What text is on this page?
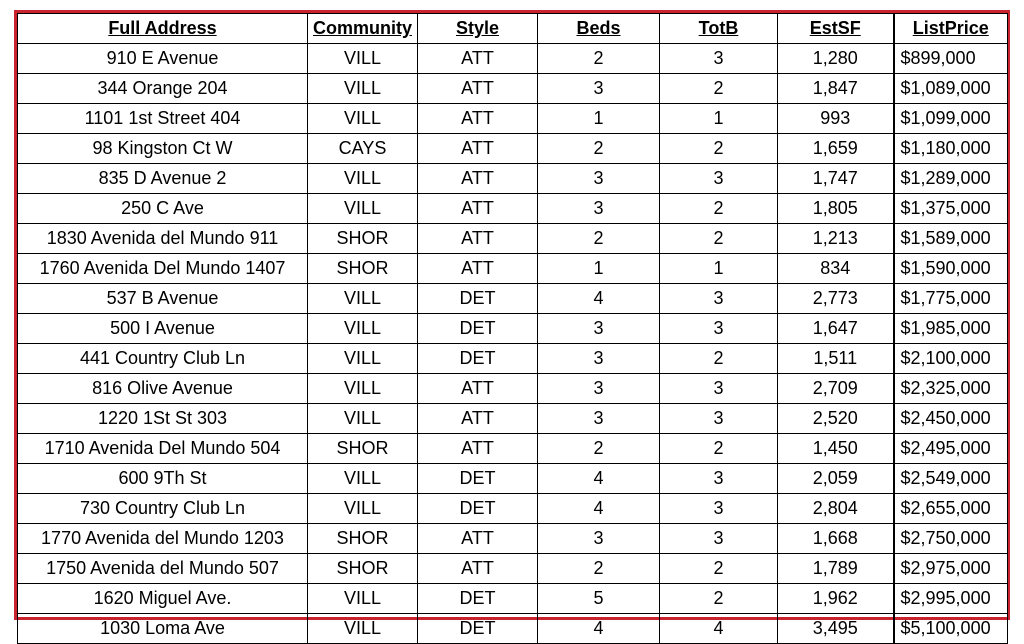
Full Address	Community	Style	Beds	TotB	EstSF	ListPrice
910 E Avenue	VILL	ATT	2	3	1,280	$899,000
344 Orange 204	VILL	ATT	3	2	1,847	$1,089,000
1101 1st Street 404	VILL	ATT	1	1	993	$1,099,000
98 Kingston Ct W	CAYS	ATT	2	2	1,659	$1,180,000
835 D Avenue 2	VILL	ATT	3	3	1,747	$1,289,000
250 C Ave	VILL	ATT	3	2	1,805	$1,375,000
1830 Avenida del Mundo 911	SHOR	ATT	2	2	1,213	$1,589,000
1760 Avenida Del Mundo 1407	SHOR	ATT	1	1	834	$1,590,000
537 B Avenue	VILL	DET	4	3	2,773	$1,775,000
500 I Avenue	VILL	DET	3	3	1,647	$1,985,000
441 Country Club Ln	VILL	DET	3	2	1,511	$2,100,000
816 Olive Avenue	VILL	ATT	3	3	2,709	$2,325,000
1220 1St St 303	VILL	ATT	3	3	2,520	$2,450,000
1710 Avenida Del Mundo 504	SHOR	ATT	2	2	1,450	$2,495,000
600 9Th St	VILL	DET	4	3	2,059	$2,549,000
730 Country Club Ln	VILL	DET	4	3	2,804	$2,655,000
1770 Avenida del Mundo 1203	SHOR	ATT	3	3	1,668	$2,750,000
1750 Avenida del Mundo 507	SHOR	ATT	2	2	1,789	$2,975,000
1620 Miguel Ave.	VILL	DET	5	2	1,962	$2,995,000
1030 Loma Ave	VILL	DET	4	4	3,495	$5,100,000
